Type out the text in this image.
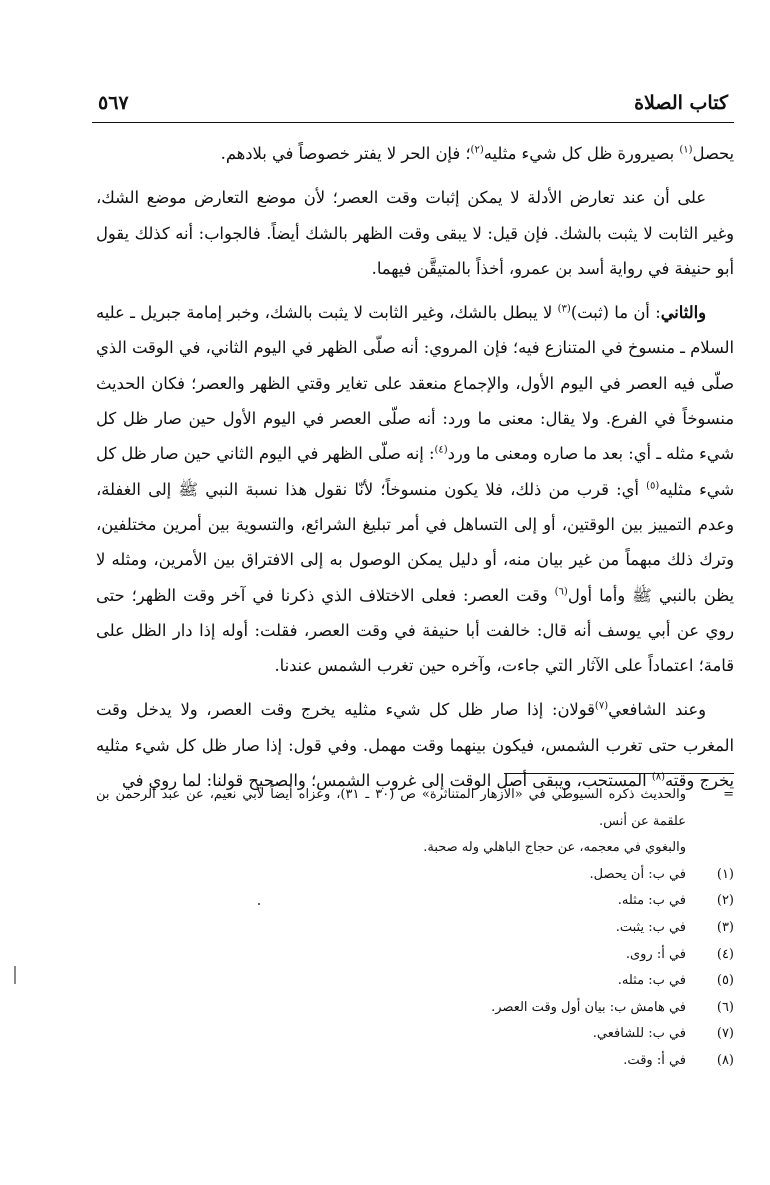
كتاب الصلاة
٥٦٧

يحصل$^{(١)}$ بصيرورة ظل كل شيء مثليه$^{(٢)}$؛ فإن الحر لا يفتر خصوصاً في بلادهم.

على أن عند تعارض الأدلة لا يمكن إثبات وقت العصر؛ لأن موضع التعارض موضع الشك، وغير الثابت لا يثبت بالشك. فإن قيل: لا يبقى وقت الظهر بالشك أيضاً. فالجواب: أنه كذلك يقول أبو حنيفة في رواية أسد بن عمرو، أخذاً بالمتيقَّن فيهما.

والثاني: أن ما (ثبت)$^{(٣)}$ لا يبطل بالشك، وغير الثابت لا يثبت بالشك، وخبر إمامة جبريل ـ عليه السلام ـ منسوخ في المتنازع فيه؛ فإن المروي: أنه صلّى الظهر في اليوم الثاني، في الوقت الذي صلّى فيه العصر في اليوم الأول، والإجماع منعقد على تغاير وقتي الظهر والعصر؛ فكان الحديث منسوخاً في الفرع. ولا يقال: معنى ما ورد: أنه صلّى العصر في اليوم الأول حين صار ظل كل شيء مثله ـ أي: بعد ما صاره ومعنى ما ورد$^{(٤)}$: إنه صلّى الظهر في اليوم الثاني حين صار ظل كل شيء مثليه$^{(٥)}$ أي: قرب من ذلك، فلا يكون منسوخاً؛ لأنّا نقول هذا نسبة النبي ﷺ إلى الغفلة، وعدم التمييز بين الوقتين، أو إلى التساهل في أمر تبليغ الشرائع، والتسوية بين أمرين مختلفين، وترك ذلك مبهماً من غير بيان منه، أو دليل يمكن الوصول به إلى الافتراق بين الأمرين، ومثله لا يظن بالنبي ﷺ وأما أول$^{(٦)}$ وقت العصر: فعلى الاختلاف الذي ذكرنا في آخر وقت الظهر؛ حتى روي عن أبي يوسف أنه قال: خالفت أبا حنيفة في وقت العصر، فقلت: أوله إذا دار الظل على قامة؛ اعتماداً على الآثار التي جاءت، وآخره حين تغرب الشمس عندنا.

وعند الشافعي$^{(٧)}$قولان: إذا صار ظل كل شيء مثليه يخرج وقت العصر، ولا يدخل وقت المغرب حتى تغرب الشمس، فيكون بينهما وقت مهمل. وفي قول: إذا صار ظل كل شيء مثليه يخرج وقته$^{(٨)}$ المستحب، ويبقى أصل الوقت إلى غروب الشمس؛ والصحيح قولنا: لما روي في

=

والحديث ذكره السيوطي في «الأزهار المتناثرة» ص (٣٠ ـ ٣١)، وعزاه أيضاً لأبي نعيم، عن عبد الرحمن بن علقمة عن أنس.

والبغوي في معجمه، عن حجاج الباهلي وله صحبة.

(١)
في ب: أن يحصل.
(٢)
في ب: مثله.
(٣)
في ب: يثبت.
(٤)
في أ: روى.
(٥)
في ب: مثله.
(٦)
في هامش ب: بيان أول وقت العصر.
(٧)
في ب: للشافعي.
(٨)
في أ: وقت.
